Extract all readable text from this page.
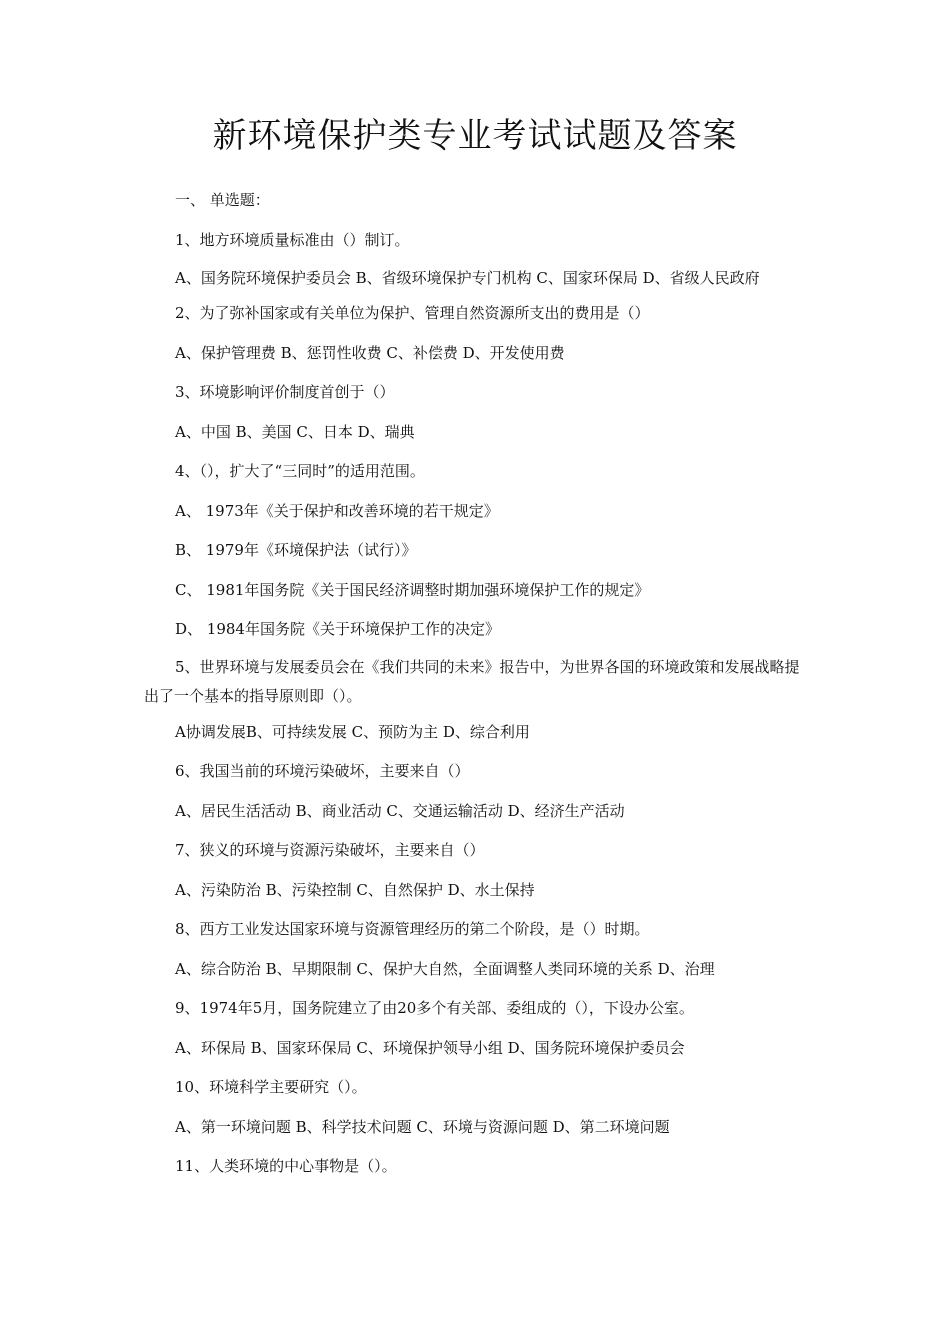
新环境保护类专业考试试题及答案

一、 单选题：

1、地方环境质量标准由（）制订。

A、国务院环境保护委员会 B、省级环境保护专门机构 C、国家环保局 D、省级人民政府

2、为了弥补国家或有关单位为保护、管理自然资源所支出的费用是（）

A、保护管理费 B、惩罚性收费 C、补偿费 D、开发使用费

3、环境影响评价制度首创于（）

A、中国 B、美国 C、日本 D、瑞典

4、（），扩大了“三同时”的适用范围。

A、 1973年《关于保护和改善环境的若干规定》

B、 1979年《环境保护法（试行）》

C、 1981年国务院《关于国民经济调整时期加强环境保护工作的规定》

D、 1984年国务院《关于环境保护工作的决定》

5、世界环境与发展委员会在《我们共同的未来》报告中，为世界各国的环境政策和发展战略提出了一个基本的指导原则即（）。

A协调发展B、可持续发展 C、预防为主 D、综合利用

6、我国当前的环境污染破坏，主要来自（）

A、居民生活活动 B、商业活动 C、交通运输活动 D、经济生产活动

7、狭义的环境与资源污染破坏，主要来自（）

A、污染防治 B、污染控制 C、自然保护 D、水土保持

8、西方工业发达国家环境与资源管理经历的第二个阶段，是（）时期。

A、综合防治 B、早期限制 C、保护大自然，全面调整人类同环境的关系 D、治理

9、1974年5月，国务院建立了由20多个有关部、委组成的（），下设办公室。

A、环保局 B、国家环保局 C、环境保护领导小组 D、国务院环境保护委员会

10、环境科学主要研究（）。

A、第一环境问题 B、科学技术问题 C、环境与资源问题 D、第二环境问题

11、人类环境的中心事物是（）。
